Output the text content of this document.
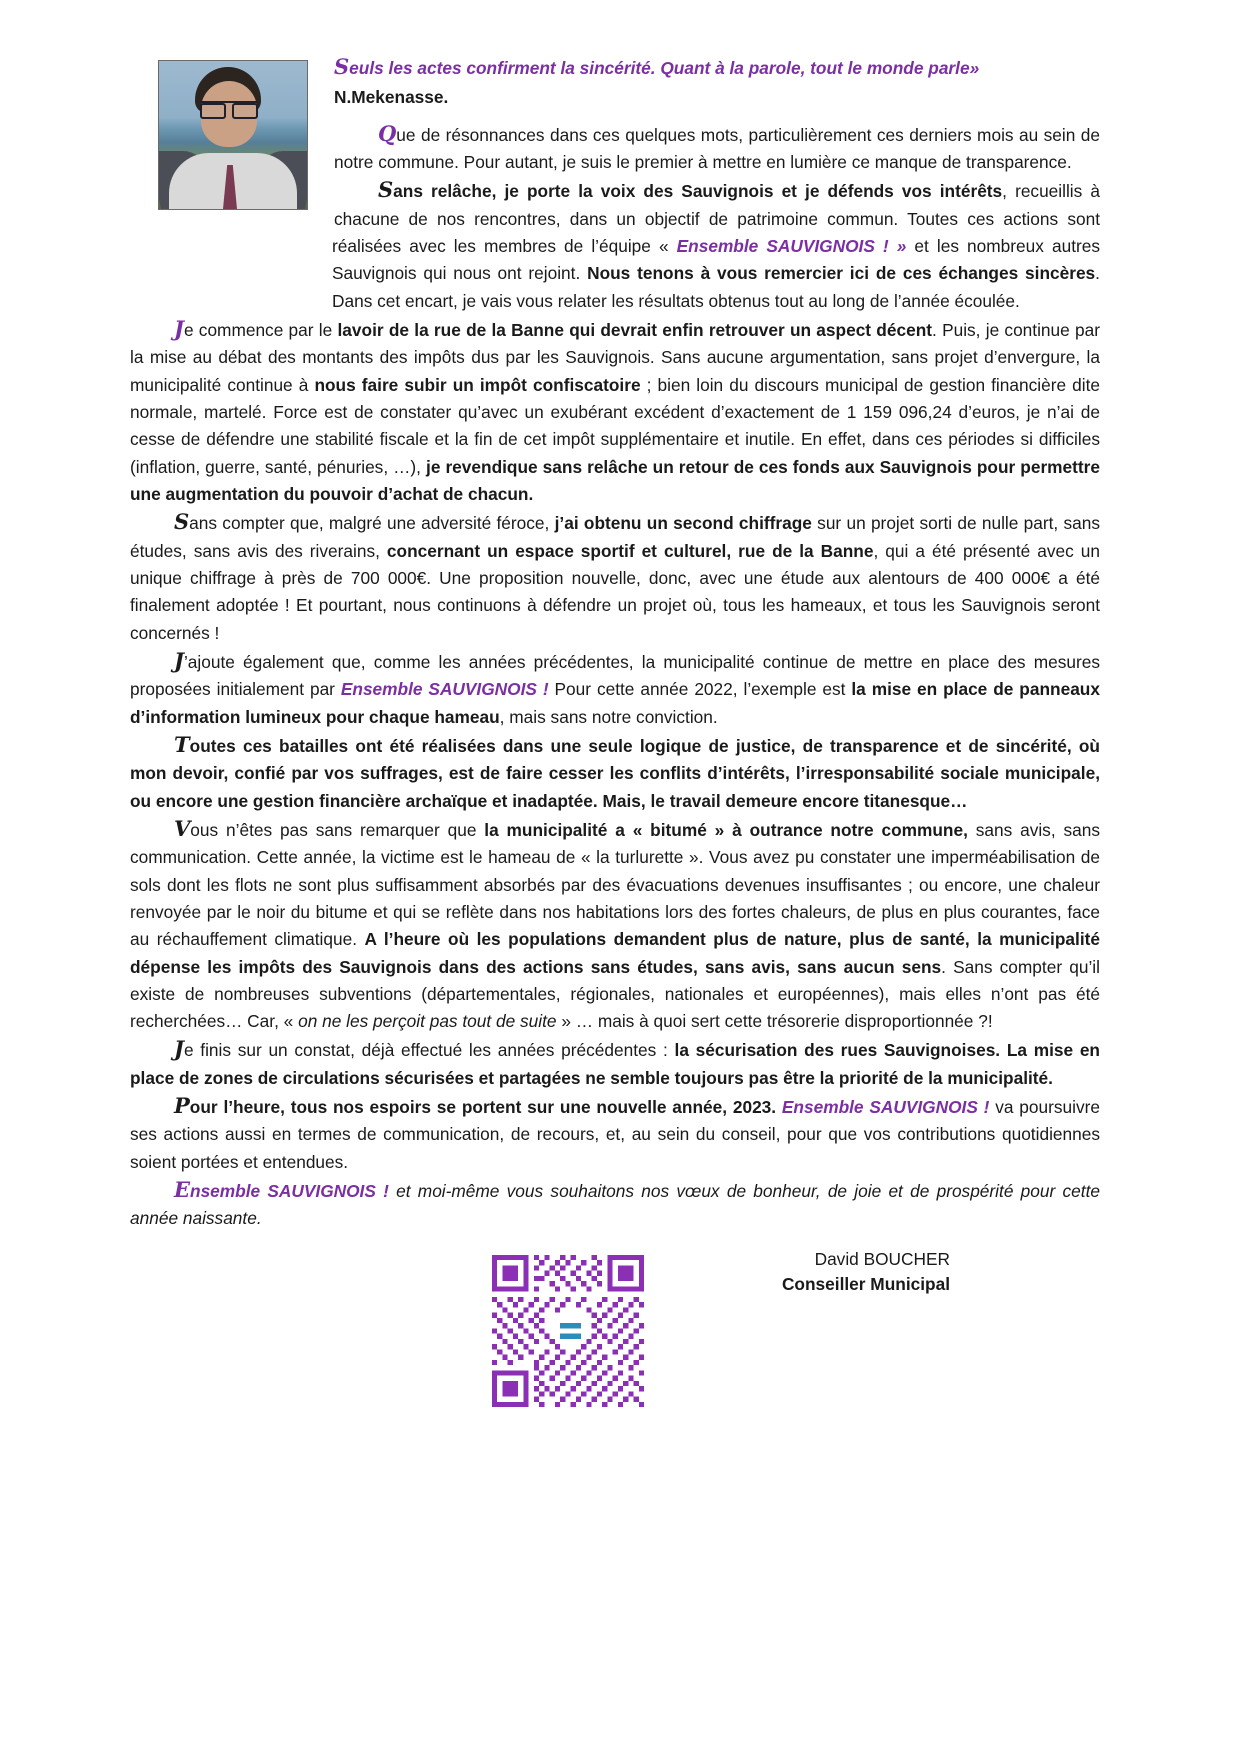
Seuls les actes confirment la sincérité. Quant à la parole, tout le monde parle»
N.Mekenasse.

Que de résonnances dans ces quelques mots, particulièrement ces derniers mois au sein de notre commune. Pour autant, je suis le premier à mettre en lumière ce manque de transparence.

Sans relâche, je porte la voix des Sauvignois et je défends vos intérêts, recueillis à chacune de nos rencontres, dans un objectif de patrimoine commun. Toutes ces actions sont réalisées avec les membres de l’équipe « Ensemble SAUVIGNOIS ! » et les nombreux autres Sauvignois qui nous ont rejoint. Nous tenons à vous remercier ici de ces échanges sincères. Dans cet encart, je vais vous relater les résultats obtenus tout au long de l’année écoulée.

Je commence par le lavoir de la rue de la Banne qui devrait enfin retrouver un aspect décent. Puis, je continue par la mise au débat des montants des impôts dus par les Sauvignois. Sans aucune argumentation, sans projet d’envergure, la municipalité continue à nous faire subir un impôt confiscatoire ; bien loin du discours municipal de gestion financière dite normale, martelé. Force est de constater qu’avec un exubérant excédent d’exactement de 1 159 096,24 d’euros, je n’ai de cesse de défendre une stabilité fiscale et la fin de cet impôt supplémentaire et inutile. En effet, dans ces périodes si difficiles (inflation, guerre, santé, pénuries, …), je revendique sans relâche un retour de ces fonds aux Sauvignois pour permettre une augmentation du pouvoir d’achat de chacun.

Sans compter que, malgré une adversité féroce, j’ai obtenu un second chiffrage sur un projet sorti de nulle part, sans études, sans avis des riverains, concernant un espace sportif et culturel, rue de la Banne, qui a été présenté avec un unique chiffrage à près de 700 000€. Une proposition nouvelle, donc, avec une étude aux alentours de 400 000€ a été finalement adoptée ! Et pourtant, nous continuons à défendre un projet où, tous les hameaux, et tous les Sauvignois seront concernés !

J’ajoute également que, comme les années précédentes, la municipalité continue de mettre en place des mesures proposées initialement par Ensemble SAUVIGNOIS ! Pour cette année 2022, l’exemple est la mise en place de panneaux d’information lumineux pour chaque hameau, mais sans notre conviction.

Toutes ces batailles ont été réalisées dans une seule logique de justice, de transparence et de sincérité, où mon devoir, confié par vos suffrages, est de faire cesser les conflits d’intérêts, l’irresponsabilité sociale municipale, ou encore une gestion financière archaïque et inadaptée. Mais, le travail demeure encore titanesque…

Vous n’êtes pas sans remarquer que la municipalité a « bitumé » à outrance notre commune, sans avis, sans communication. Cette année, la victime est le hameau de « la turlurette ». Vous avez pu constater une imperméabilisation de sols dont les flots ne sont plus suffisamment absorbés par des évacuations devenues insuffisantes ; ou encore, une chaleur renvoyée par le noir du bitume et qui se reflète dans nos habitations lors des fortes chaleurs, de plus en plus courantes, face au réchauffement climatique. A l’heure où les populations demandent plus de nature, plus de santé, la municipalité dépense les impôts des Sauvignois dans des actions sans études, sans avis, sans aucun sens. Sans compter qu’il existe de nombreuses subventions (départementales, régionales, nationales et européennes), mais elles n’ont pas été recherchées… Car, « on ne les perçoit pas tout de suite » … mais à quoi sert cette trésorerie disproportionnée ?!

Je finis sur un constat, déjà effectué les années précédentes : la sécurisation des rues Sauvignoises. La mise en place de zones de circulations sécurisées et partagées ne semble toujours pas être la priorité de la municipalité.

Pour l’heure, tous nos espoirs se portent sur une nouvelle année, 2023. Ensemble SAUVIGNOIS ! va poursuivre ses actions aussi en termes de communication, de recours, et, au sein du conseil, pour que vos contributions quotidiennes soient portées et entendues.

Ensemble SAUVIGNOIS ! et moi-même vous souhaitons nos vœux de bonheur, de joie et de prospérité pour cette année naissante.

David BOUCHER
Conseiller Municipal
